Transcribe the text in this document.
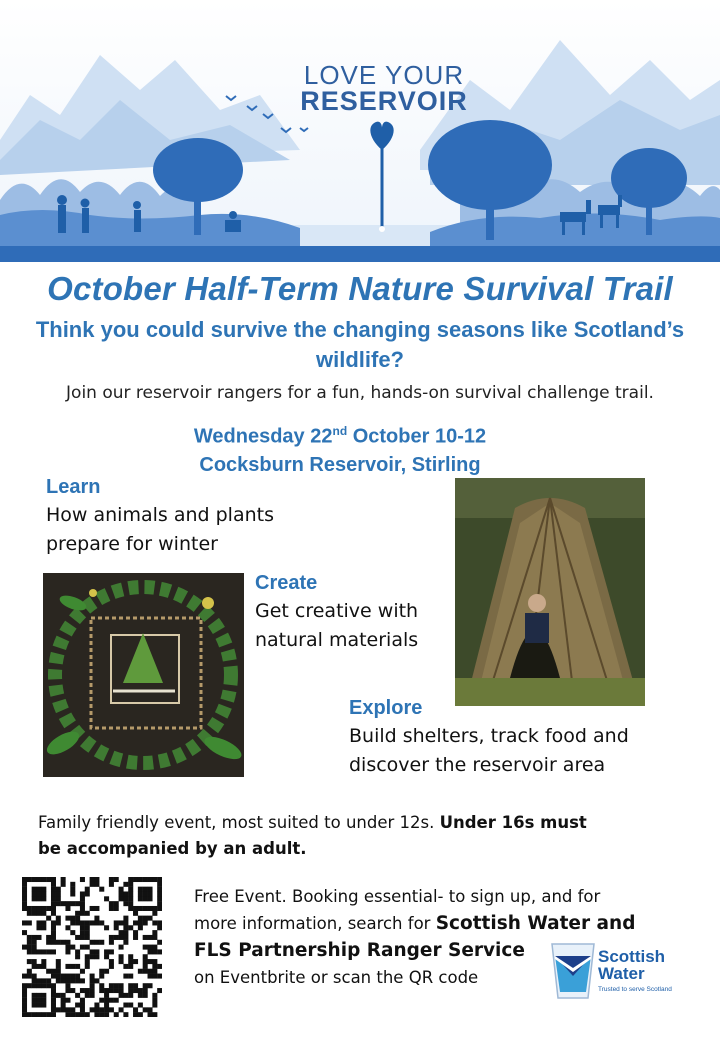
LOVE YOUR
RESERVOIR
October Half-Term Nature Survival Trail
Think you could survive the changing seasons like Scotland’s wildlife?
Join our reservoir rangers for a fun, hands-on survival challenge trail.
Wednesday 22nd October 10-12
Cocksburn Reservoir, Stirling
Learn
How animals and plants
prepare for winter
Create
Get creative with
natural materials
Explore
Build shelters, track food and
discover the reservoir area
Family friendly event, most suited to under 12s. Under 16s must
be accompanied by an adult.
Free Event. Booking essential- to sign up, and for
more information, search for Scottish Water and
FLS Partnership Ranger Service
on Eventbrite or scan the QR code
Scottish
Water
Trusted to serve Scotland
